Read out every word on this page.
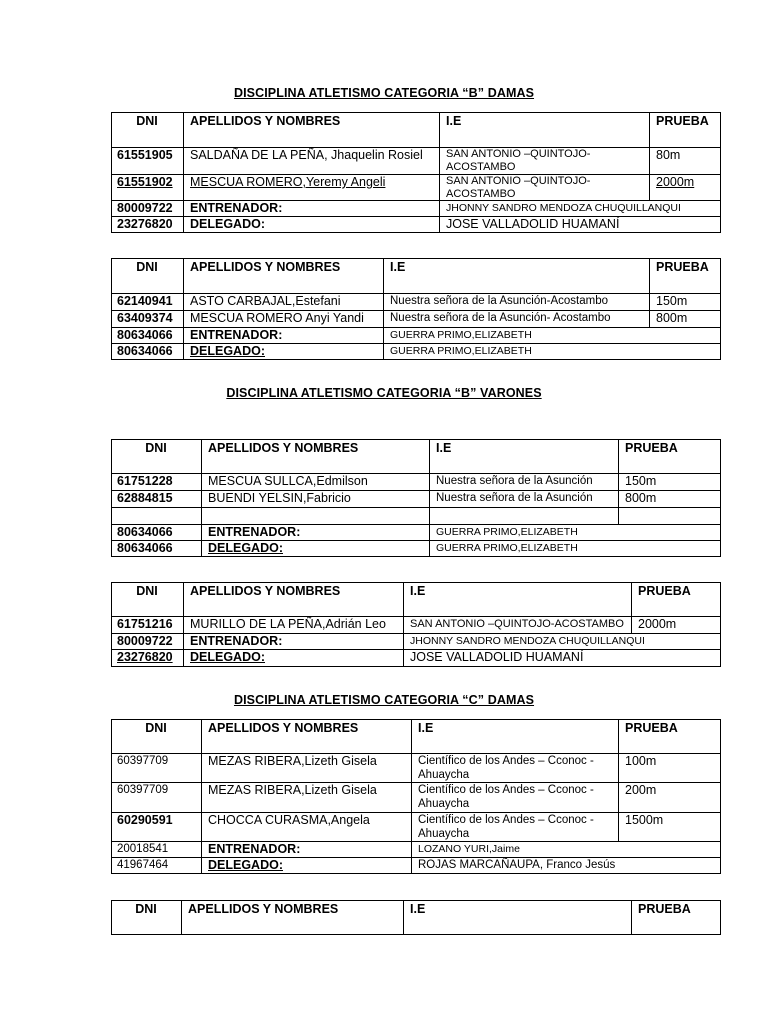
DISCIPLINA ATLETISMO CATEGORIA “B” DAMAS
DNI	APELLIDOS Y NOMBRES	I.E	PRUEBA
61551905	SALDAÑA DE LA PEÑA, Jhaquelin Rosiel	SAN ANTONIO –QUINTOJO-ACOSTAMBO	80m
61551902	MESCUA ROMERO,Yeremy Angeli	SAN ANTONIO –QUINTOJO-ACOSTAMBO	2000m
80009722	ENTRENADOR:	JHONNY SANDRO MENDOZA CHUQUILLANQUI	
23276820	DELEGADO:	JOSE VALLADOLID HUAMANÍ	
DNI	APELLIDOS Y NOMBRES	I.E	PRUEBA
62140941	ASTO CARBAJAL,Estefani	Nuestra señora de la Asunción-Acostambo	150m
63409374	MESCUA ROMERO Anyi Yandi	Nuestra señora de la Asunción- Acostambo	800m
80634066	ENTRENADOR:	GUERRA PRIMO,ELIZABETH	
80634066	DELEGADO:	GUERRA PRIMO,ELIZABETH	
DISCIPLINA ATLETISMO CATEGORIA “B” VARONES
DNI	APELLIDOS Y NOMBRES	I.E	PRUEBA
61751228	MESCUA SULLCA,Edmilson	Nuestra señora de la Asunción	150m
62884815	BUENDI YELSIN,Fabricio	Nuestra señora de la Asunción	800m

80634066	ENTRENADOR:	GUERRA PRIMO,ELIZABETH	
80634066	DELEGADO:	GUERRA PRIMO,ELIZABETH	
DNI	APELLIDOS Y NOMBRES	I.E	PRUEBA
61751216	MURILLO DE LA PEÑA,Adrián Leo	SAN ANTONIO –QUINTOJO-ACOSTAMBO	2000m
80009722	ENTRENADOR:	JHONNY SANDRO MENDOZA CHUQUILLANQUI	
23276820	DELEGADO:	JOSE VALLADOLID HUAMANÍ	
DISCIPLINA ATLETISMO CATEGORIA “C” DAMAS
DNI	APELLIDOS Y NOMBRES	I.E	PRUEBA
60397709	MEZAS RIBERA,Lizeth Gisela	Científico de los Andes – Cconoc - Ahuaycha	100m
60397709	MEZAS RIBERA,Lizeth Gisela	Científico de los Andes – Cconoc - Ahuaycha	200m
60290591	CHOCCA CURASMA,Angela	Científico de los Andes – Cconoc - Ahuaycha	1500m
20018541	ENTRENADOR:	LOZANO YURI,Jaime	
41967464	DELEGADO:	ROJAS MARCAÑAUPA, Franco Jesús	
DNI	APELLIDOS Y NOMBRES	I.E	PRUEBA
